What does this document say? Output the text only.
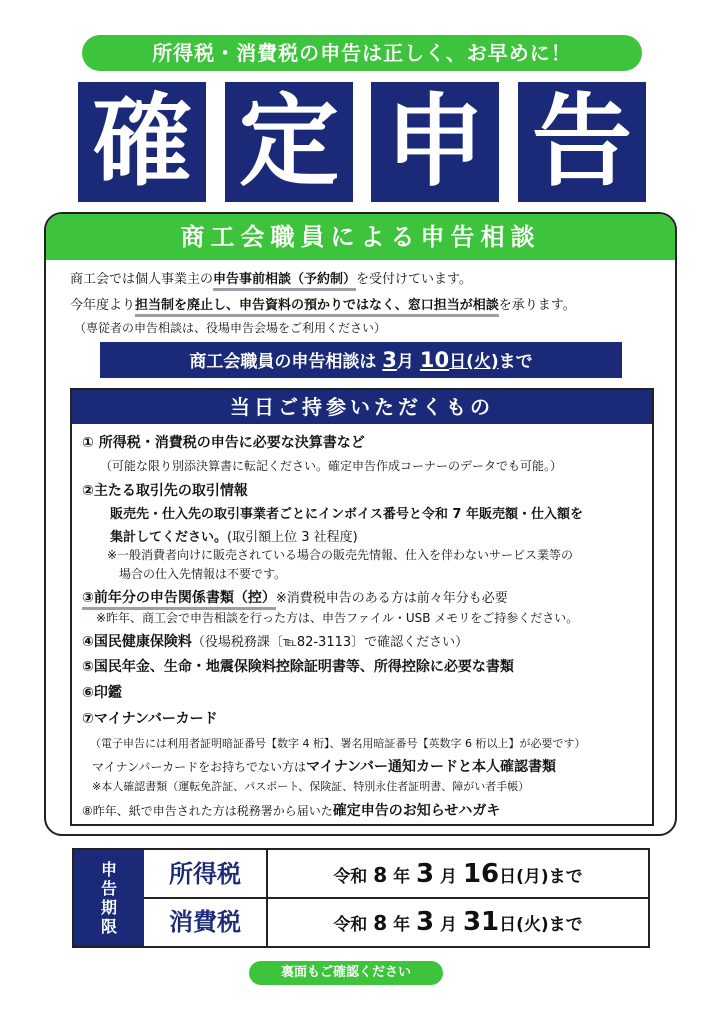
所得税・消費税の申告は正しく、お早めに！
確 定 申 告
商工会職員による申告相談
商工会では個人事業主の申告事前相談（予約制）を受付けています。
今年度より担当制を廃止し、申告資料の預かりではなく、窓口担当が相談を承ります。
（専従者の申告相談は、役場申告会場をご利用ください）
商工会職員の申告相談は 3月 10日(火)まで
当日ご持参いただくもの
① 所得税・消費税の申告に必要な決算書など
（可能な限り別添決算書に転記ください。確定申告作成コーナーのデータでも可能。）
②主たる取引先の取引情報
販売先・仕入先の取引事業者ごとにインボイス番号と令和 7 年販売額・仕入額を
集計してください。(取引額上位 3 社程度)
※一般消費者向けに販売されている場合の販売先情報、仕入を伴わないサービス業等の
場合の仕入先情報は不要です。
③前年分の申告関係書類（控）※消費税申告のある方は前々年分も必要
※昨年、商工会で申告相談を行った方は、申告ファイル・USB メモリをご持参ください。
④国民健康保険料（役場税務課〔℡82-3113〕で確認ください）
⑤国民年金、生命・地震保険料控除証明書等、所得控除に必要な書類
⑥印鑑
⑦マイナンバーカード
（電子申告には利用者証明暗証番号【数字 4 桁】、署名用暗証番号【英数字 6 桁以上】が必要です）
マイナンバーカードをお持ちでない方はマイナンバー通知カードと本人確認書類
※本人確認書類（運転免許証、パスポート、保険証、特別永住者証明書、障がい者手帳）
⑧昨年、紙で申告された方は税務署から届いた確定申告のお知らせハガキ
申
告
期
限
所得税	令和 8 年 3 月 16日(月)まで
消費税	令和 8 年 3 月 31日(火)まで
裏面もご確認ください
